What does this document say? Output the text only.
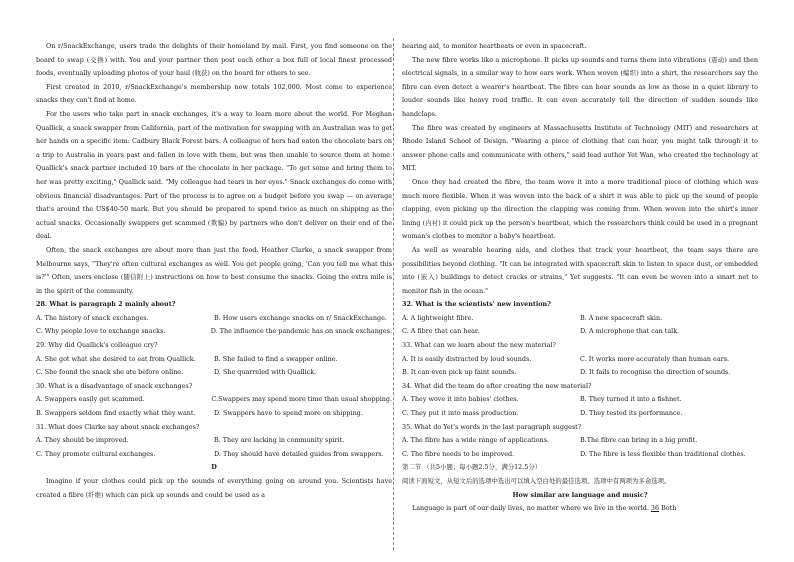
On r/SnackExchange, users trade the delights of their homeland by mail. First, you find someone on the board to swap (交换) with. You and your partner then post each other a box full of local finest processed foods, eventually uploading photos of your haul (收获) on the board for others to see.

First created in 2010, r/SnackExchange's membership now totals 102,000. Most come to experience snacks they can't find at home.

For the users who take part in snack exchanges, it's a way to learn more about the world. For Meghan Quallick, a snack swapper from California, part of the motivation for swapping with an Australian was to get her hands on a specific item: Cadbury Black Forest bars. A colleague of hers had eaten the chocolate bars on a trip to Australia in years past and fallen in love with them, but was then unable to source them at home. Quallick's snack partner included 10 bars of the chocolate in her package. "To get some and bring them to her was pretty exciting," Quallick said. "My colleague had tears in her eyes." Snack exchanges do come with obvious financial disadvantages. Part of the process is to agree on a budget before you swap — on average that's around the US$40-50 mark. But you should be prepared to spend twice as much on shipping as the actual snacks. Occasionally swappers get scammed (欺骗) by partners who don't deliver on their end of the deal.

Often, the snack exchanges are about more than just the food. Heather Clarke, a snack swapper from Melbourne says, "They're often cultural exchanges as well. You get people going, 'Can you tell me what this is?'" Often, users enclose (随信附上) instructions on how to best consume the snacks. Going the extra mile is in the spirit of the community.

28. What is paragraph 2 mainly about?

A. The history of snack exchanges.	B. How users exchange snacks on r/ SnackExchange.
C. Why people love to exchange snacks.	D. The influence the pandemic has on snack exchanges.

29. Why did Quallick's colleague cry?

A. She got what she desired to eat from Quallick.	B. She failed to find a swapper online.
C. She found the snack she ate before online.	D. She quarreled with Quallick.

30. What is a disadvantage of snack exchanges?

A. Swappers easily get scammed.	C.Swappers may spend more time than usual shopping.
B. Swappers seldom find exactly what they want.	D. Swappers have to spend more on shipping.

31. What does Clarke say about snack exchanges?

A. They should be improved.	B. They are lacking in community spirit.
C. They promote cultural exchanges.	D. They should have detailed guides from swappers.

D

Imagine if your clothes could pick up the sounds of everything going on around you. Scientists have created a fibre (纤维) which can pick up sounds and could be used as a

hearing aid, to monitor heartbeats or even in spacecraft.

The new fibre works like a microphone. It picks up sounds and turns them into vibrations (震动) and then electrical signals, in a similar way to how ears work. When woven (编织) into a shirt, the researchers say the fibre can even detect a wearer's heartbeat. The fibre can hear sounds as low as those in a quiet library to louder sounds like heavy road traffic. It can even accurately tell the direction of sudden sounds like handclaps.

The fibre was created by engineers at Massachusetts Institute of Technology (MIT) and researchers at Rhode Island School of Design. "Wearing a piece of clothing that can hear, you might talk through it to answer phone calls and communicate with others," said lead author Yet Wan, who created the technology at MIT.

Once they had created the fibre, the team wove it into a more traditional piece of clothing which was much more flexible. When it was woven into the back of a shirt it was able to pick up the sound of people clapping, even picking up the direction the clapping was coming from. When woven into the shirt's inner lining (内衬) it could pick up the person's heartbeat, which the researchers think could be used in a pregnant woman's clothes to monitor a baby's heartbeat.

As well as wearable hearing aids, and clothes that track your heartbeat, the team says there are possibilities beyond clothing. "It can be integrated with spacecraft skin to listen to space dust, or embedded into (嵌入) buildings to detect cracks or strains," Yet suggests. "It can even be woven into a smart net to monitor fish in the ocean."

32. What is the scientists' new invention?

A. A lightweight fibre.	B. A new spacecraft skin.
C. A fibre that can hear.	D. A microphone that can talk.

33. What can we learn about the new material?

A. It is easily distracted by loud sounds.	C. It works more accurately than human ears.
B. It can even pick up faint sounds.	D. It fails to recognise the direction of sounds.

34. What did the team do after creating the new material?

A. They wove it into babies' clothes.	B. They turned it into a fishnet.
C. They put it into mass production.	D. They tested its performance.

35. What do Yet's words in the last paragraph suggest?

A. The fibre has a wide range of applications.	B.The fibre can bring in a big profit.
C. The fibre needs to be improved.	D. The fibre is less flexible than traditional clothes.

第二节 （共5小题；每小题2.5分，满分12.5分）

阅读下面短文，从短文后的选项中选出可以填入空白处的最佳选项。选项中有两项为多余选项。

How similar are language and music?

Language is part of our daily lives, no matter where we live in the world. 36 Both
